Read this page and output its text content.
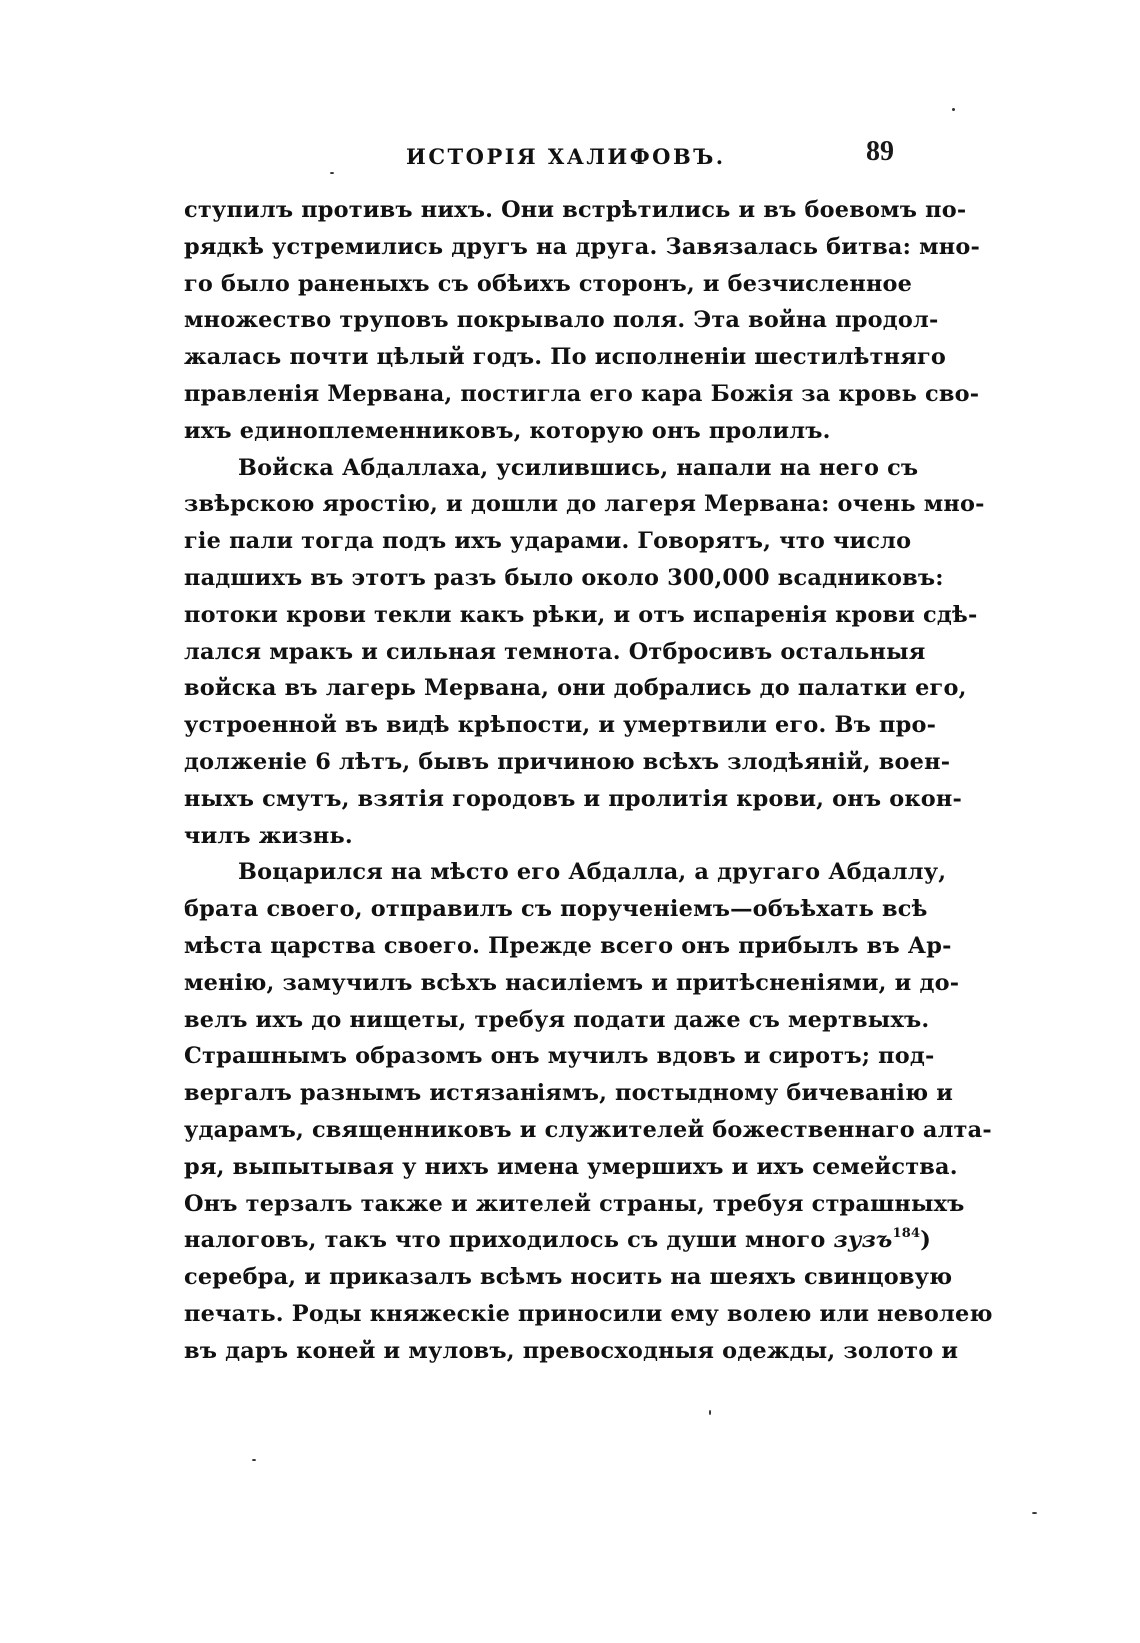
ИСТОРІЯ ХАЛИФОВЪ.	89
ступилъ противъ нихъ. Они встрѣтились и въ боевомъ по-
рядкѣ устремились другъ на друга. Завязалась битва: мно-
го было раненыхъ съ обѣихъ сторонъ, и безчисленное
множество труповъ покрывало поля. Эта война продол-
жалась почти цѣлый годъ. По исполненіи шестилѣтняго
правленія Мервана, постигла его кара Божія за кровь сво-
ихъ единоплеменниковъ, которую онъ пролилъ.
Войска Абдаллаха, усилившись, напали на него съ
звѣрскою яростію, и дошли до лагеря Мервана: очень мно-
гіе пали тогда подъ ихъ ударами. Говорятъ, что число
падшихъ въ этотъ разъ было около 300,000 всадниковъ:
потоки крови текли какъ рѣки, и отъ испаренія крови сдѣ-
лался мракъ и сильная темнота. Отбросивъ остальныя
войска въ лагерь Мервана, они добрались до палатки его,
устроенной въ видѣ крѣпости, и умертвили его. Въ про-
долженіе 6 лѣтъ, бывъ причиною всѣхъ злодѣяній, воен-
ныхъ смутъ, взятія городовъ и пролитія крови, онъ окон-
чилъ жизнь.
Воцарился на мѣсто его Абдалла, а другаго Абдаллу,
брата своего, отправилъ съ порученіемъ—объѣхать всѣ
мѣста царства своего. Прежде всего онъ прибылъ въ Ар-
менію, замучилъ всѣхъ насиліемъ и притѣсненіями, и до-
велъ ихъ до нищеты, требуя подати даже съ мертвыхъ.
Страшнымъ образомъ онъ мучилъ вдовъ и сиротъ; под-
вергалъ разнымъ истязаніямъ, постыдному бичеванію и
ударамъ, священниковъ и служителей божественнаго алта-
ря, выпытывая у нихъ имена умершихъ и ихъ семейства.
Онъ терзалъ также и жителей страны, требуя страшныхъ
налоговъ, такъ что приходилось съ души много зузъ$^{184}$)
серебра, и приказалъ всѣмъ носить на шеяхъ свинцовую
печать. Роды княжескіе приносили ему волею или неволею
въ даръ коней и муловъ, превосходныя одежды, золото и
